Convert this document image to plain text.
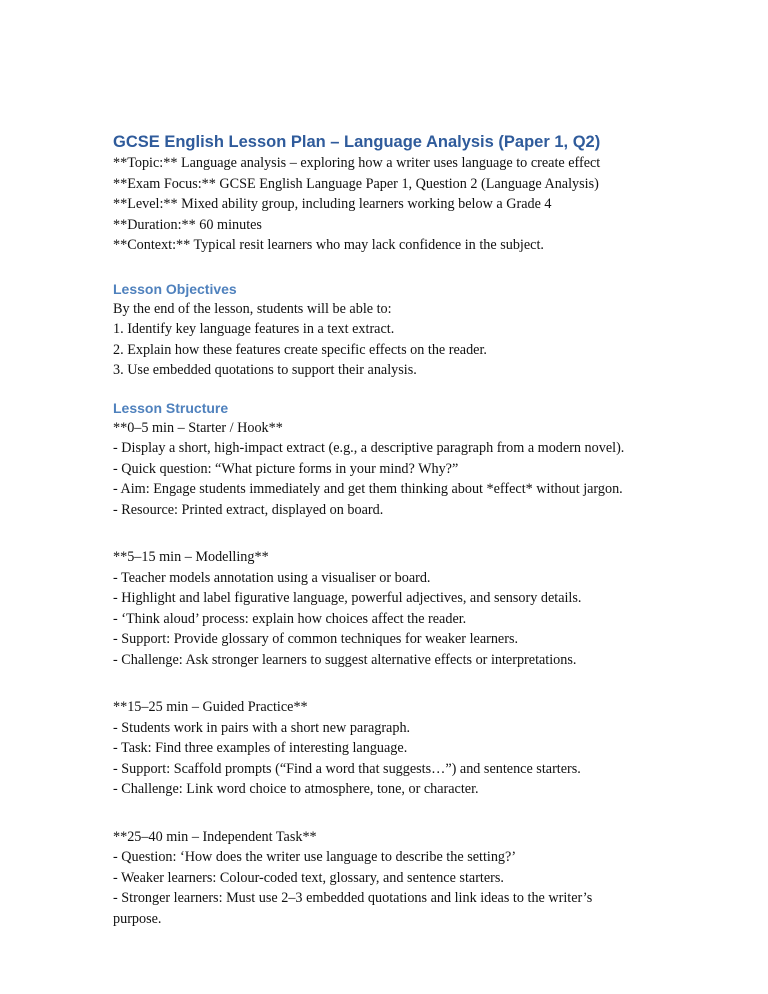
GCSE English Lesson Plan – Language Analysis (Paper 1, Q2)
**Topic:** Language analysis – exploring how a writer uses language to create effect
**Exam Focus:** GCSE English Language Paper 1, Question 2 (Language Analysis)
**Level:** Mixed ability group, including learners working below a Grade 4
**Duration:** 60 minutes
**Context:** Typical resit learners who may lack confidence in the subject.
Lesson Objectives
By the end of the lesson, students will be able to:
1. Identify key language features in a text extract.
2. Explain how these features create specific effects on the reader.
3. Use embedded quotations to support their analysis.
Lesson Structure
**0–5 min – Starter / Hook**
- Display a short, high-impact extract (e.g., a descriptive paragraph from a modern novel).
- Quick question: “What picture forms in your mind? Why?”
- Aim: Engage students immediately and get them thinking about *effect* without jargon.
- Resource: Printed extract, displayed on board.
**5–15 min – Modelling**
- Teacher models annotation using a visualiser or board.
- Highlight and label figurative language, powerful adjectives, and sensory details.
- ‘Think aloud’ process: explain how choices affect the reader.
- Support: Provide glossary of common techniques for weaker learners.
- Challenge: Ask stronger learners to suggest alternative effects or interpretations.
**15–25 min – Guided Practice**
- Students work in pairs with a short new paragraph.
- Task: Find three examples of interesting language.
- Support: Scaffold prompts (“Find a word that suggests…”) and sentence starters.
- Challenge: Link word choice to atmosphere, tone, or character.
**25–40 min – Independent Task**
- Question: ‘How does the writer use language to describe the setting?’
- Weaker learners: Colour-coded text, glossary, and sentence starters.
- Stronger learners: Must use 2–3 embedded quotations and link ideas to the writer’s purpose.
